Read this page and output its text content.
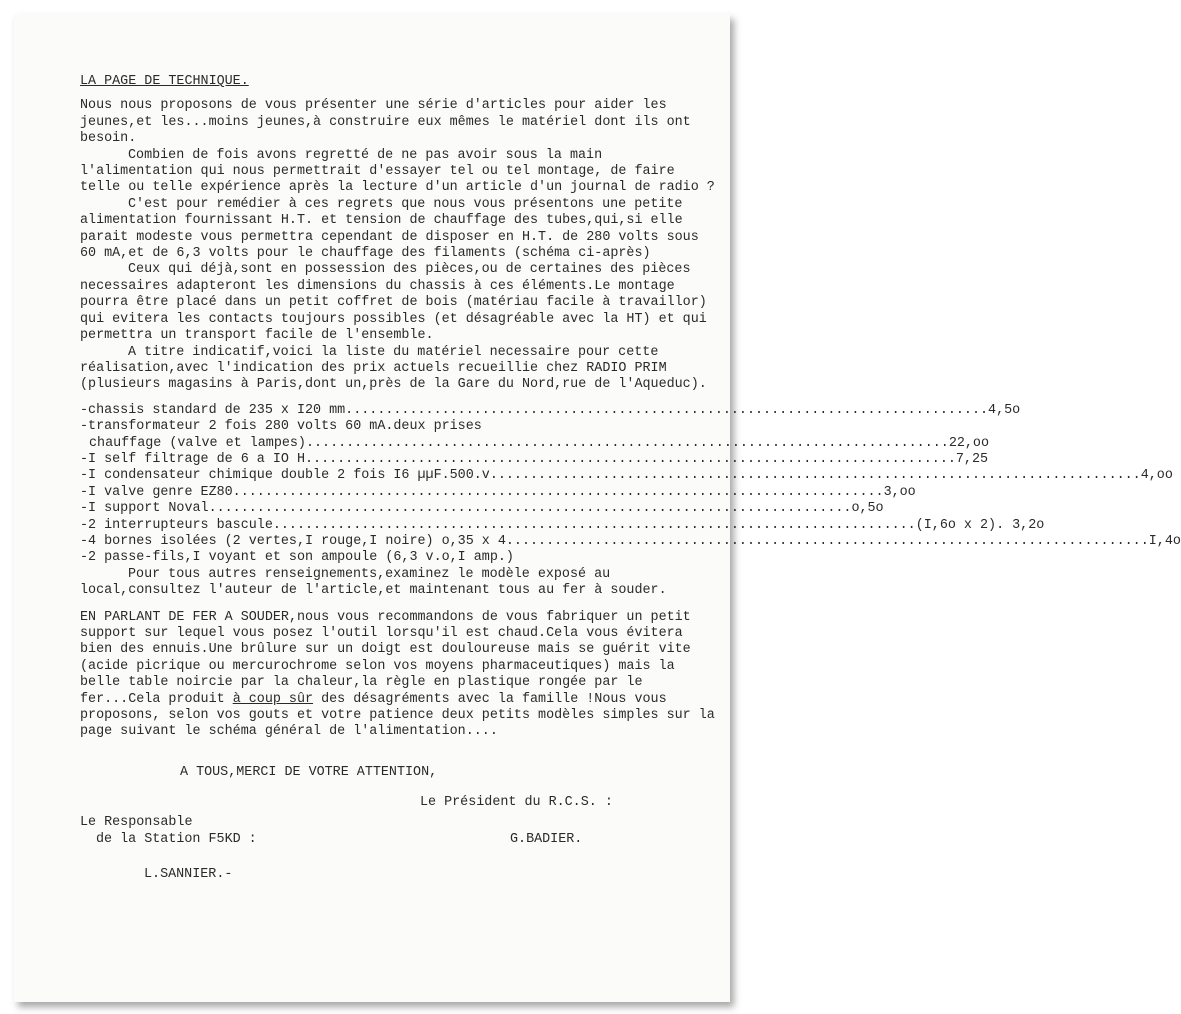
LA PAGE DE TECHNIQUE.

Nous nous proposons de vous présenter une série d'articles pour aider les jeunes,et les...moins jeunes,à construire eux mêmes le matériel dont ils ont besoin.

Combien de fois avons regretté de ne pas avoir sous la main l'alimentation qui nous permettrait d'essayer tel ou tel montage, de faire telle ou telle expérience après la lecture d'un article d'un journal de radio ?

C'est pour remédier à ces regrets que nous vous présentons une petite alimentation fournissant H.T. et tension de chauffage des tubes,qui,si elle parait modeste vous permettra cependant de disposer en H.T. de 280 volts sous 60 mA,et de 6,3 volts pour le chauffage des filaments (schéma ci-après)

Ceux qui déjà,sont en possession des pièces,ou de certaines des pièces necessaires adapteront les dimensions du chassis à ces éléments.Le montage pourra être placé dans un petit coffret de bois (matériau facile à travaillor) qui evitera les contacts toujours possibles (et désagréable avec la HT) et qui permettra un transport facile de l'ensemble.

A titre indicatif,voici la liste du matériel necessaire pour cette réalisation,avec l'indication des prix actuels recueillie chez RADIO PRIM (plusieurs magasins à Paris,dont un,près de la Gare du Nord,rue de l'Aqueduc).

-chassis standard de 235 x I20 mm................................................................................ 4,5o
-transformateur 2 fois 280 volts 60 mA.deux prises
chauffage (valve et lampes)................................................................................ 22,oo
-I self filtrage de 6 a IO H................................................................................. 7,25
-I condensateur chimique double 2 fois I6 µµF.500.v................................................................................. 4,oo
-I valve genre EZ80................................................................................. 3,oo
-I support Noval................................................................................ o,5o
-2 interrupteurs bascule................................................................................ (I,6o x 2). 3,2o
-4 bornes isolées (2 vertes,I rouge,I noire) o,35 x 4................................................................................ I,4o
-2 passe-fils,I voyant et son ampoule (6,3 v.o,I amp.)

Pour tous autres renseignements,examinez le modèle exposé au local,consultez l'auteur de l'article,et maintenant tous au fer à souder.

EN PARLANT DE FER A SOUDER,nous vous recommandons de vous fabriquer un petit support sur lequel vous posez l'outil lorsqu'il est chaud.Cela vous évitera bien des ennuis.Une brûlure sur un doigt est douloureuse mais se guérit vite (acide picrique ou mercurochrome selon vos moyens pharmaceutiques) mais la belle table noircie par la chaleur,la règle en plastique rongée par le fer...Cela produit à coup sûr des désagréments avec la famille !Nous vous proposons, selon vos gouts et votre patience deux petits modèles simples sur la page suivant le schéma général de l'alimentation....

A TOUS,MERCI DE VOTRE ATTENTION,
Le Président du R.C.S. :
Le Responsable
de la Station F5KD :	G.BADIER.
L.SANNIER.-
